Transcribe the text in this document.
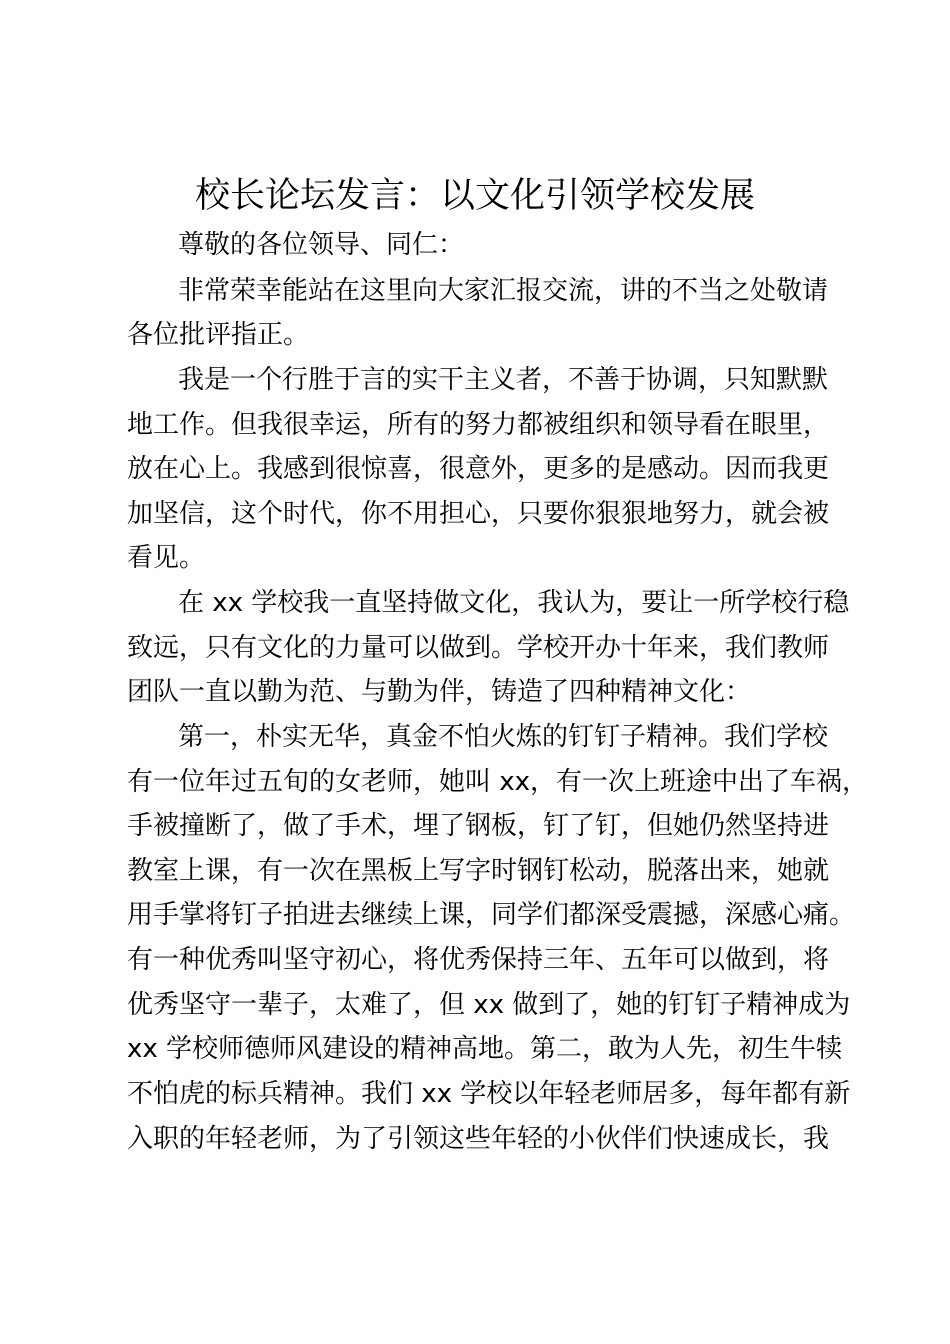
校长论坛发言：以文化引领学校发展
尊敬的各位领导、同仁：
非常荣幸能站在这里向大家汇报交流，讲的不当之处敬请
各位批评指正。
我是一个行胜于言的实干主义者，不善于协调，只知默默
地工作。但我很幸运，所有的努力都被组织和领导看在眼里，
放在心上。我感到很惊喜，很意外，更多的是感动。因而我更
加坚信，这个时代，你不用担心，只要你狠狠地努力，就会被
看见。
在 xx 学校我一直坚持做文化，我认为，要让一所学校行稳
致远，只有文化的力量可以做到。学校开办十年来，我们教师
团队一直以勤为范、与勤为伴，铸造了四种精神文化：
第一，朴实无华，真金不怕火炼的钉钉子精神。我们学校
有一位年过五旬的女老师，她叫 xx，有一次上班途中出了车祸，
手被撞断了，做了手术，埋了钢板，钉了钉，但她仍然坚持进
教室上课，有一次在黑板上写字时钢钉松动，脱落出来，她就
用手掌将钉子拍进去继续上课，同学们都深受震撼，深感心痛。
有一种优秀叫坚守初心，将优秀保持三年、五年可以做到，将
优秀坚守一辈子，太难了，但 xx 做到了，她的钉钉子精神成为
xx 学校师德师风建设的精神高地。第二，敢为人先，初生牛犊
不怕虎的标兵精神。我们 xx 学校以年轻老师居多，每年都有新
入职的年轻老师，为了引领这些年轻的小伙伴们快速成长，我
